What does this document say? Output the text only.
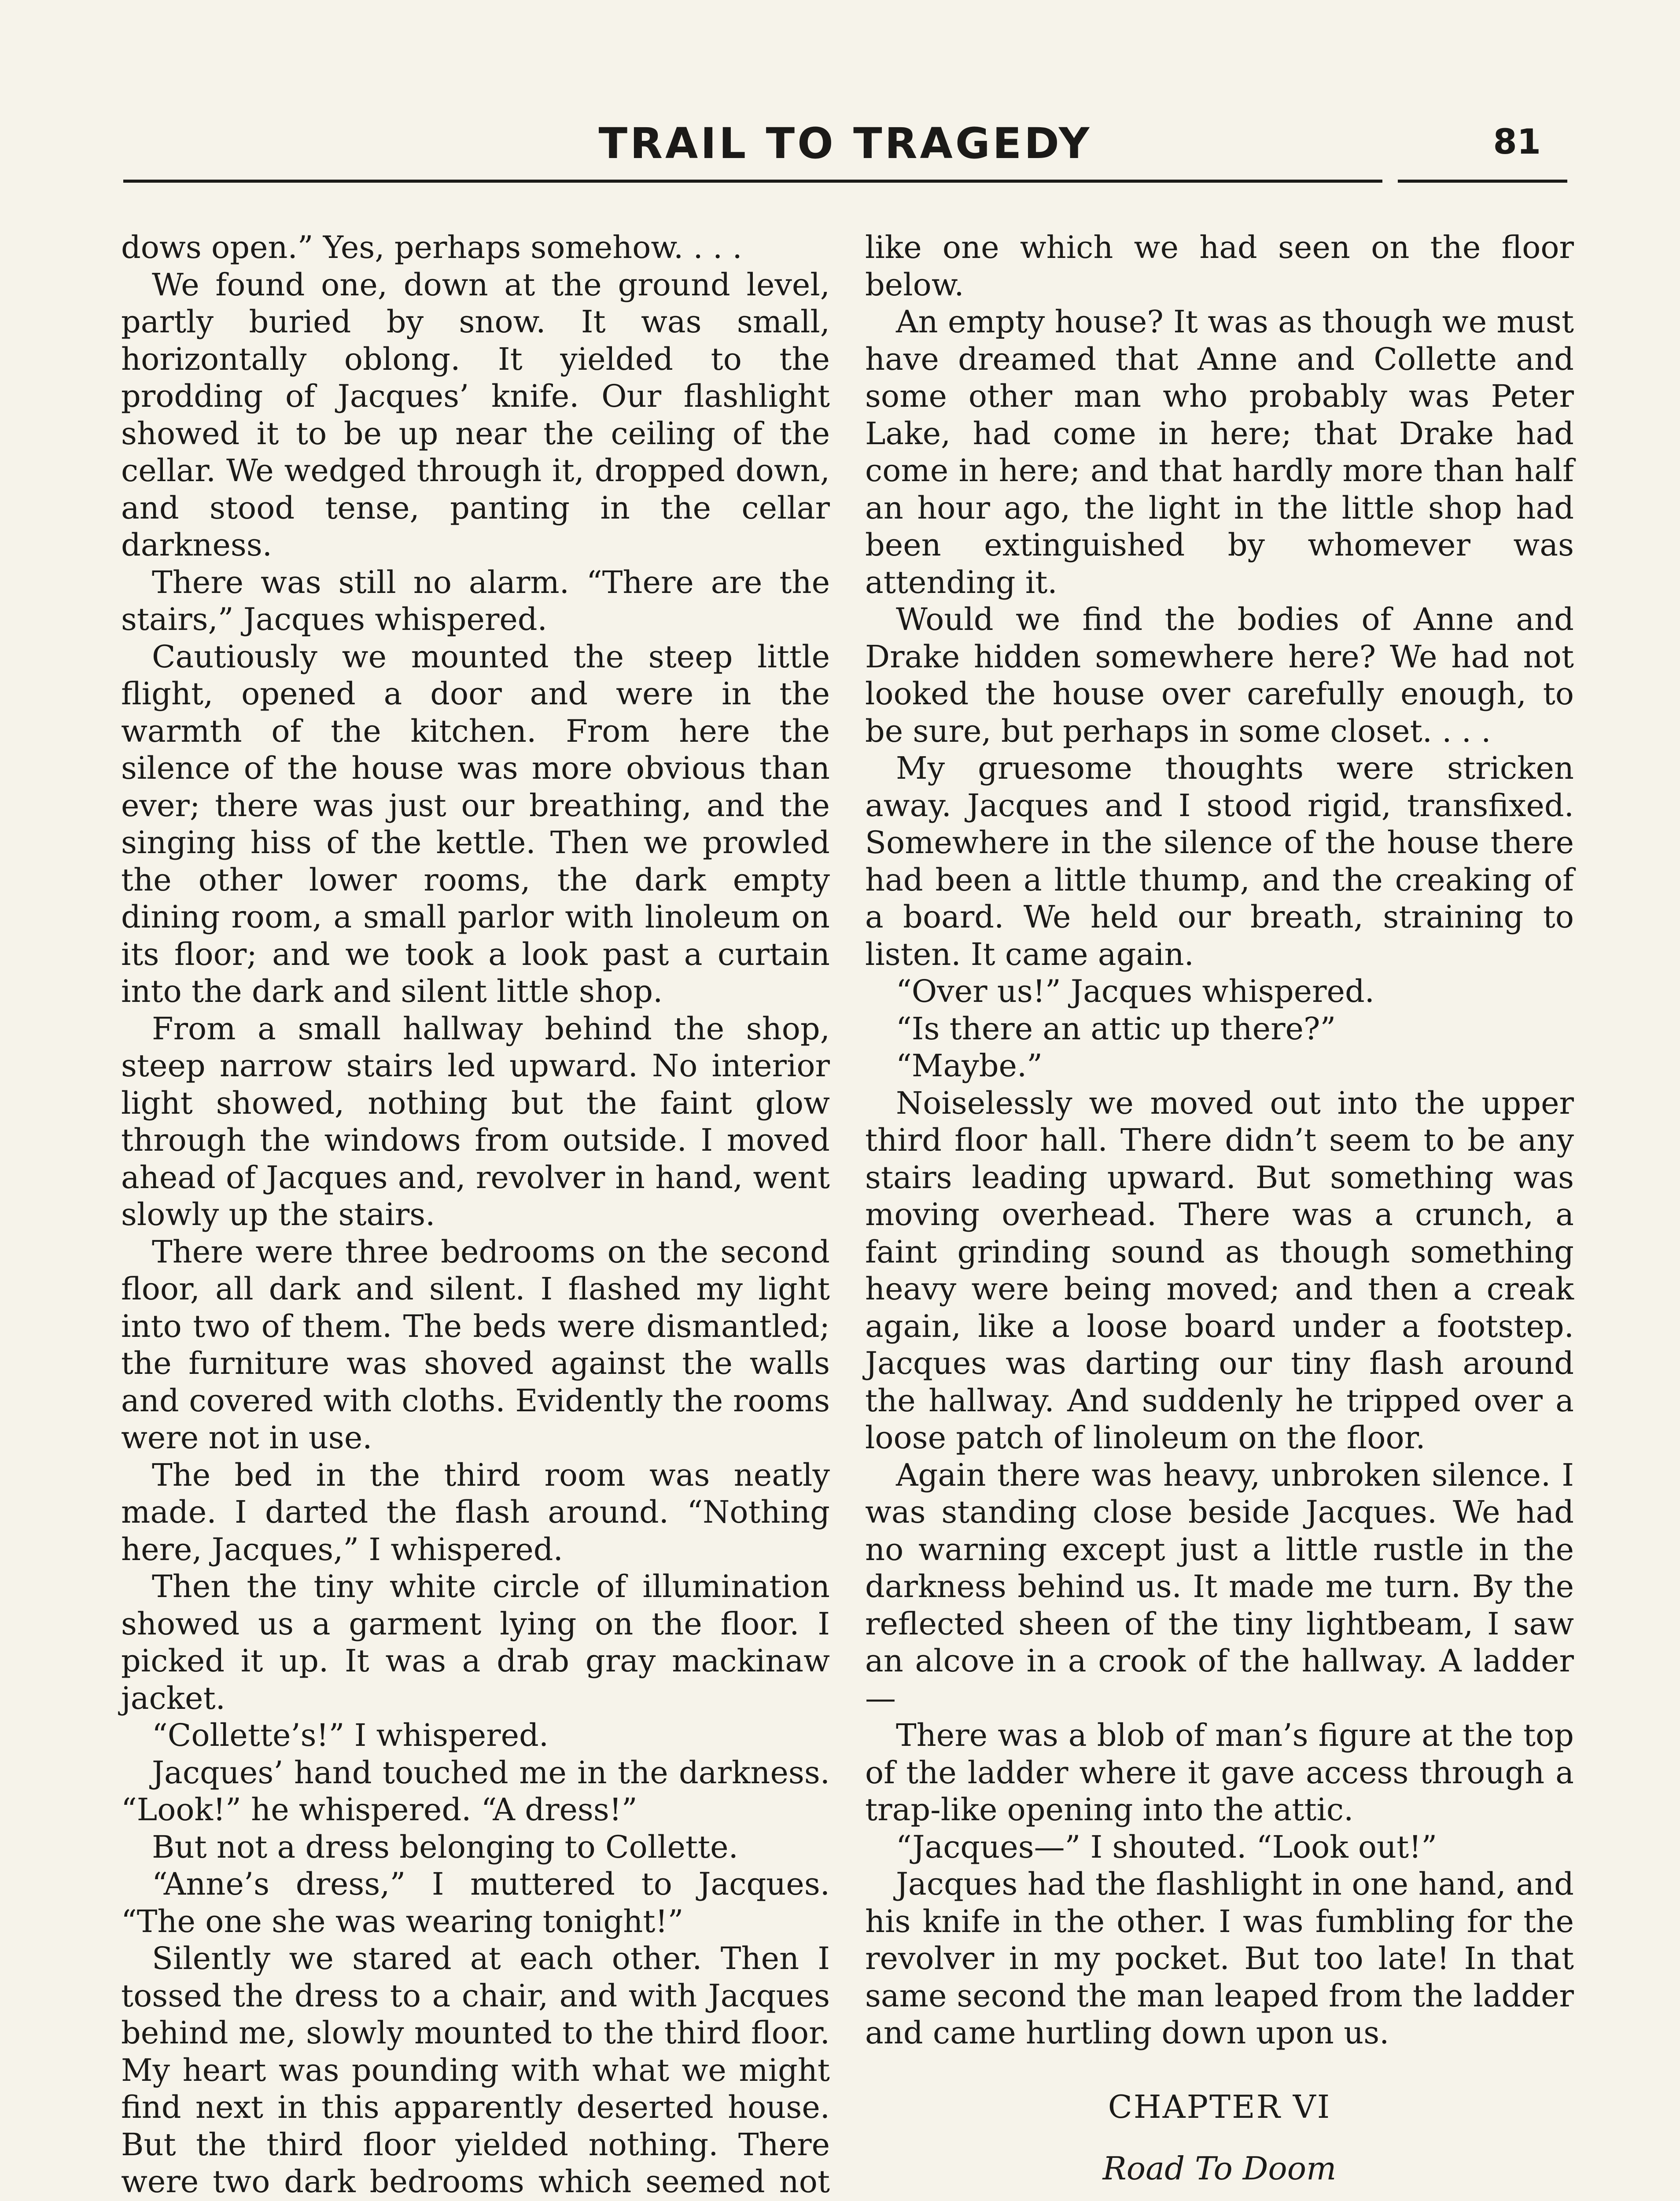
TRAIL TO TRAGEDY	81

dows open.” Yes, perhaps somehow. . . .

We found one, down at the ground level, partly buried by snow. It was small, horizontally oblong. It yielded to the prodding of Jacques’ knife. Our flashlight showed it to be up near the ceiling of the cellar. We wedged through it, dropped down, and stood tense, panting in the cellar darkness.

There was still no alarm. “There are the stairs,” Jacques whispered.

Cautiously we mounted the steep little flight, opened a door and were in the warmth of the kitchen. From here the silence of the house was more obvious than ever; there was just our breathing, and the singing hiss of the kettle. Then we prowled the other lower rooms, the dark empty dining room, a small parlor with linoleum on its floor; and we took a look past a curtain into the dark and silent little shop.

From a small hallway behind the shop, steep narrow stairs led upward. No interior light showed, nothing but the faint glow through the windows from outside. I moved ahead of Jacques and, revolver in hand, went slowly up the stairs.

There were three bedrooms on the second floor, all dark and silent. I flashed my light into two of them. The beds were dismantled; the furniture was shoved against the walls and covered with cloths. Evidently the rooms were not in use.

The bed in the third room was neatly made. I darted the flash around. “Nothing here, Jacques,” I whispered.

Then the tiny white circle of illumination showed us a garment lying on the floor. I picked it up. It was a drab gray mackinaw jacket.

“Collette’s!” I whispered.

Jacques’ hand touched me in the darkness. “Look!” he whispered. “A dress!”

But not a dress belonging to Collette.

“Anne’s dress,” I muttered to Jacques. “The one she was wearing tonight!”

Silently we stared at each other. Then I tossed the dress to a chair, and with Jacques behind me, slowly mounted to the third floor. My heart was pounding with what we might find next in this apparently deserted house. But the third floor yielded nothing. There were two dark bedrooms which seemed not

like one which we had seen on the floor below.

An empty house? It was as though we must have dreamed that Anne and Collette and some other man who probably was Peter Lake, had come in here; that Drake had come in here; and that hardly more than half an hour ago, the light in the little shop had been extinguished by whomever was attending it.

Would we find the bodies of Anne and Drake hidden somewhere here? We had not looked the house over carefully enough, to be sure, but perhaps in some closet. . . .

My gruesome thoughts were stricken away. Jacques and I stood rigid, transfixed. Somewhere in the silence of the house there had been a little thump, and the creaking of a board. We held our breath, straining to listen. It came again.

“Over us!” Jacques whispered.

“Is there an attic up there?”

“Maybe.”

Noiselessly we moved out into the upper third floor hall. There didn’t seem to be any stairs leading upward. But something was moving overhead. There was a crunch, a faint grinding sound as though something heavy were being moved; and then a creak again, like a loose board under a footstep. Jacques was darting our tiny flash around the hallway. And suddenly he tripped over a loose patch of linoleum on the floor.

Again there was heavy, unbroken silence. I was standing close beside Jacques. We had no warning except just a little rustle in the darkness behind us. It made me turn. By the reflected sheen of the tiny lightbeam, I saw an alcove in a crook of the hallway. A ladder—

There was a blob of man’s figure at the top of the ladder where it gave access through a trap-like opening into the attic.

“Jacques—” I shouted. “Look out!”

Jacques had the flashlight in one hand, and his knife in the other. I was fumbling for the revolver in my pocket. But too late! In that same second the man leaped from the ladder and came hurtling down upon us.

CHAPTER VI
Road To Doom
